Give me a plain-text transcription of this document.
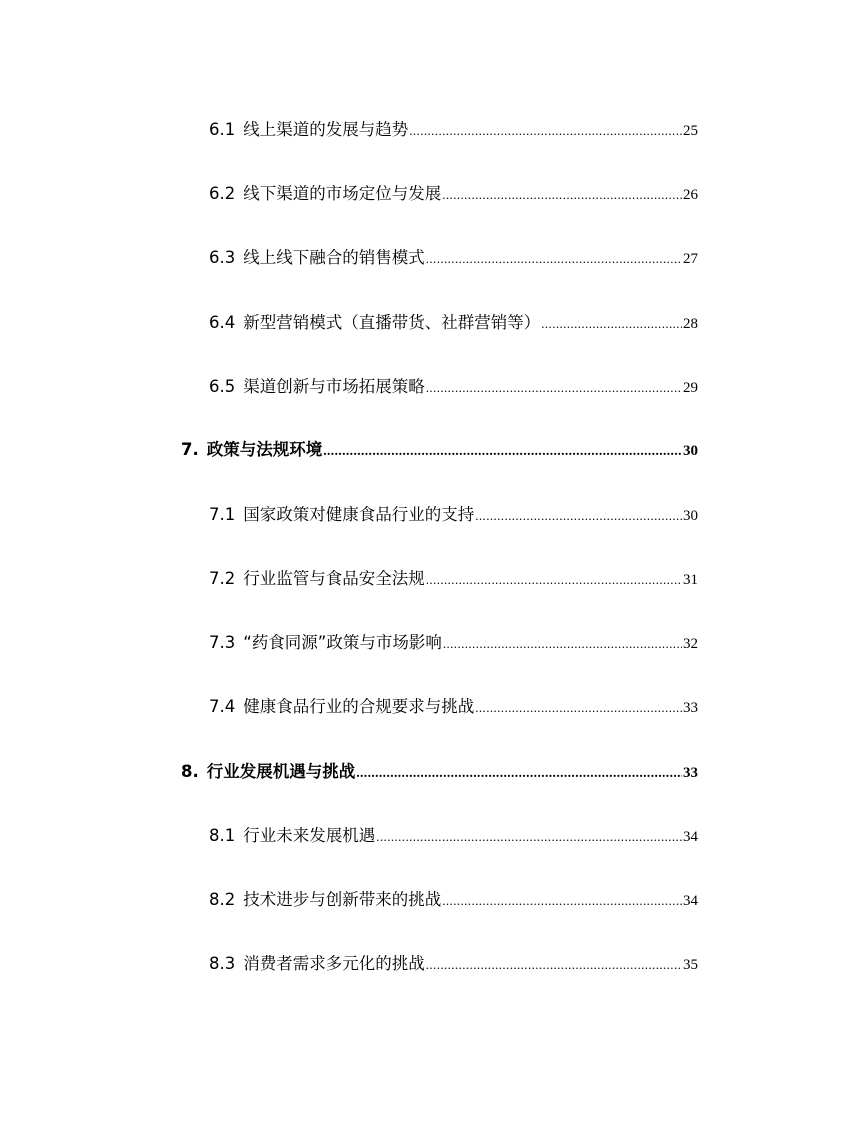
6.1 线上渠道的发展与趋势 .....	25
6.2 线下渠道的市场定位与发展 .....	26
6.3 线上线下融合的销售模式 .....	27
6.4 新型营销模式（直播带货、社群营销等） .....	28
6.5 渠道创新与市场拓展策略 .....	29
7. 政策与法规环境 .....	30
7.1 国家政策对健康食品行业的支持 .....	30
7.2 行业监管与食品安全法规 .....	31
7.3 “药食同源”政策与市场影响 .....	32
7.4 健康食品行业的合规要求与挑战 .....	33
8. 行业发展机遇与挑战 .....	33
8.1 行业未来发展机遇 .....	34
8.2 技术进步与创新带来的挑战 .....	34
8.3 消费者需求多元化的挑战 .....	35
